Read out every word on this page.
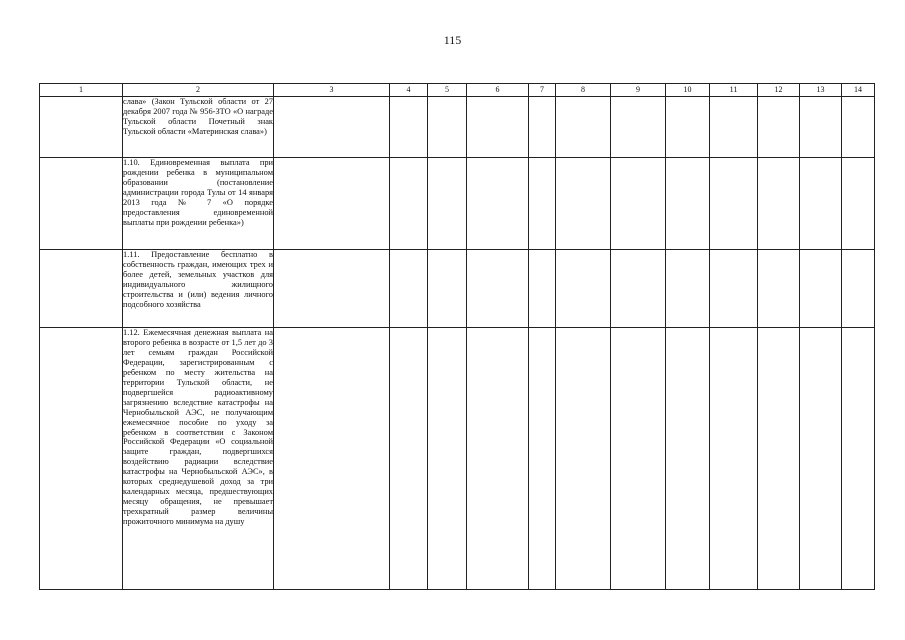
115
1	2	3	4	5	6	7	8	9	10	11	12	13	14
	слава» (Закон Тульской области от 27 декабря 2007 года № 956-ЗТО «О награде Тульской области Почетный знак Тульской области «Материнская слава»)												
	1.10. Единовременная выплата при рождении ребенка в муниципальном образовании (постановление администрации города Тулы от 14 января 2013 года № 7 «О порядке предоставления единовременной выплаты при рождении ребенка»)												
	1.11. Предоставление бесплатно в собственность граждан, имеющих трех и более детей, земельных участков для индивидуального жилищного строительства и (или) ведения личного подсобного хозяйства												
	1.12. Ежемесячная денежная выплата на второго ребенка в возрасте от 1,5 лет до 3 лет семьям граждан Российской Федерации, зарегистрированным с ребенком по месту жительства на территории Тульской области, не подвергшейся радиоактивному загрязнению вследствие катастрофы на Чернобыльской АЭС, не получающим ежемесячное пособие по уходу за ребенком в соответствии с Законом Российской Федерации «О социальной защите граждан, подвергшихся воздействию радиации вследствие катастрофы на Чернобыльской АЭС», в которых среднедушевой доход за три календарных месяца, предшествующих месяцу обращения, не превышает трехкратный размер величины прожиточного минимума на душу												
